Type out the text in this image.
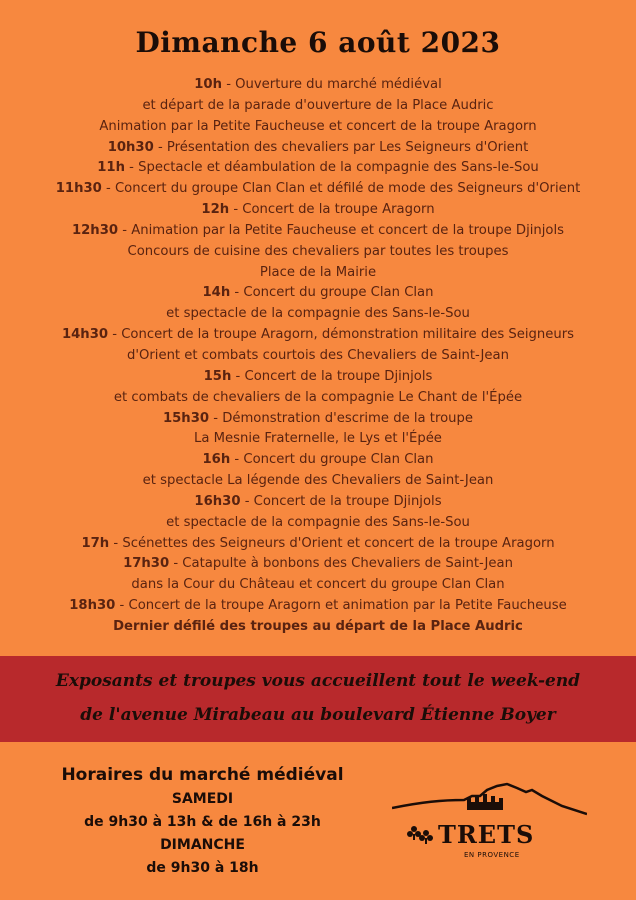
Dimanche 6 août 2023
10h - Ouverture du marché médiéval
et départ de la parade d'ouverture de la Place Audric
Animation par la Petite Faucheuse et concert de la troupe Aragorn
10h30 - Présentation des chevaliers par Les Seigneurs d'Orient
11h - Spectacle et déambulation de la compagnie des Sans-le-Sou
11h30 - Concert du groupe Clan Clan et défilé de mode des Seigneurs d'Orient
12h - Concert de la troupe Aragorn
12h30 - Animation par la Petite Faucheuse et concert de la troupe Djinjols
Concours de cuisine des chevaliers par toutes les troupes
Place de la Mairie
14h - Concert du groupe Clan Clan
et spectacle de la compagnie des Sans-le-Sou
14h30 - Concert de la troupe Aragorn, démonstration militaire des Seigneurs
d'Orient et combats courtois des Chevaliers de Saint-Jean
15h - Concert de la troupe Djinjols
et combats de chevaliers de la compagnie Le Chant de l'Épée
15h30 - Démonstration d'escrime de la troupe
La Mesnie Fraternelle, le Lys et l'Épée
16h - Concert du groupe Clan Clan
et spectacle La légende des Chevaliers de Saint-Jean
16h30 - Concert de la troupe Djinjols
et spectacle de la compagnie des Sans-le-Sou
17h - Scénettes des Seigneurs d'Orient et concert de la troupe Aragorn
17h30 - Catapulte à bonbons des Chevaliers de Saint-Jean
dans la Cour du Château et concert du groupe Clan Clan
18h30 - Concert de la troupe Aragorn et animation par la Petite Faucheuse
Dernier défilé des troupes au départ de la Place Audric
Exposants et troupes vous accueillent tout le week-end
de l'avenue Mirabeau au boulevard Étienne Boyer
Horaires du marché médiéval
SAMEDI
de 9h30 à 13h & de 16h à 23h
DIMANCHE
de 9h30 à 18h
TRETS
EN PROVENCE
